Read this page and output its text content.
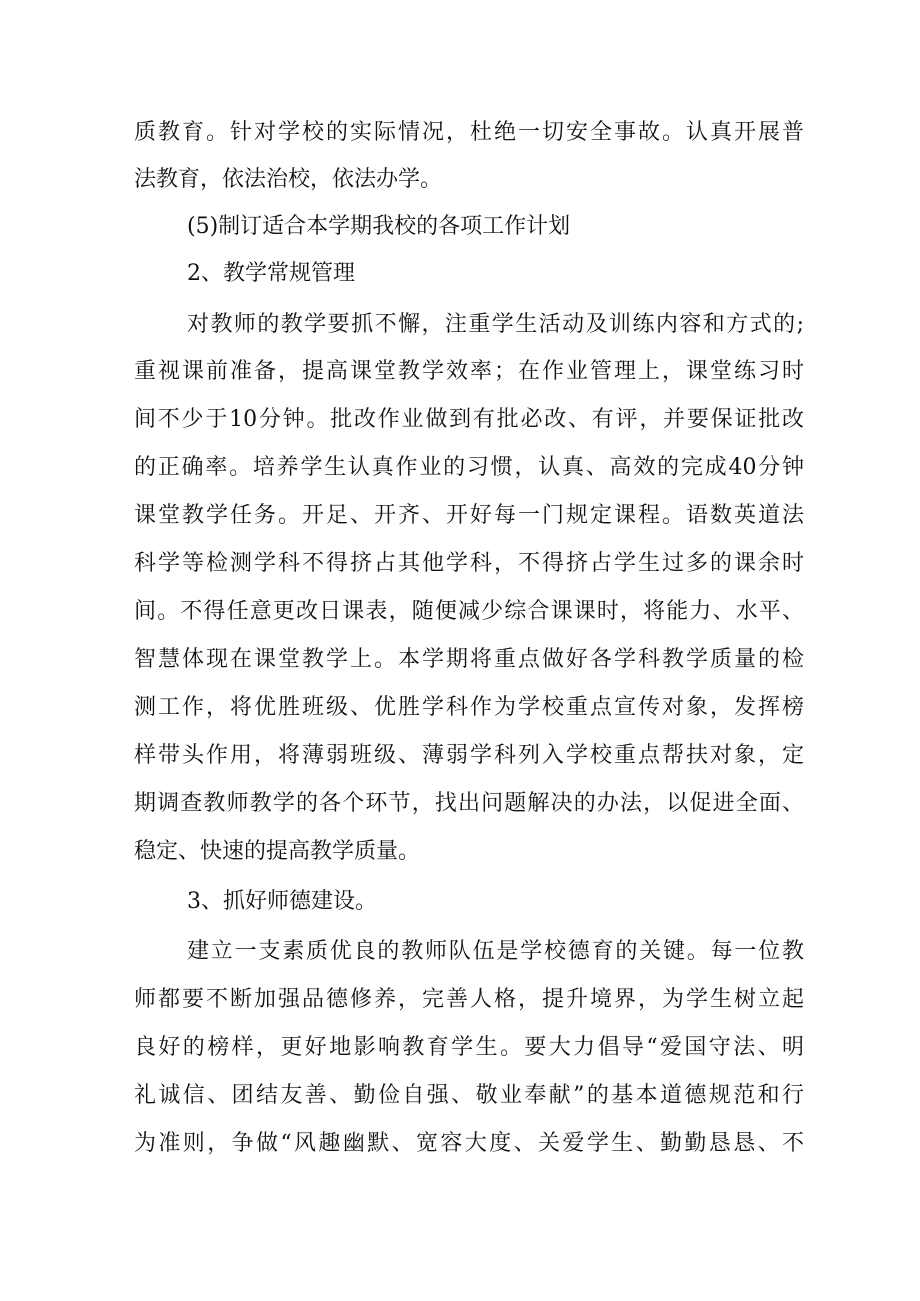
质教育。针对学校的实际情况，杜绝一切安全事故。认真开展普
法教育，依法治校，依法办学。
(5)制订适合本学期我校的各项工作计划
2、教学常规管理
对教师的教学要抓不懈，注重学生活动及训练内容和方式的;
重视课前准备，提高课堂教学效率；在作业管理上，课堂练习时
间不少于10分钟。批改作业做到有批必改、有评，并要保证批改
的正确率。培养学生认真作业的习惯，认真、高效的完成40分钟
课堂教学任务。开足、开齐、开好每一门规定课程。语数英道法
科学等检测学科不得挤占其他学科，不得挤占学生过多的课余时
间。不得任意更改日课表，随便减少综合课课时，将能力、水平、
智慧体现在课堂教学上。本学期将重点做好各学科教学质量的检
测工作，将优胜班级、优胜学科作为学校重点宣传对象，发挥榜
样带头作用，将薄弱班级、薄弱学科列入学校重点帮扶对象，定
期调查教师教学的各个环节，找出问题解决的办法，以促进全面、
稳定、快速的提高教学质量。
3、抓好师德建设。
建立一支素质优良的教师队伍是学校德育的关键。每一位教
师都要不断加强品德修养，完善人格，提升境界，为学生树立起
良好的榜样，更好地影响教育学生。要大力倡导“爱国守法、明
礼诚信、团结友善、勤俭自强、敬业奉献”的基本道德规范和行
为准则，争做“风趣幽默、宽容大度、关爱学生、勤勤恳恳、不
